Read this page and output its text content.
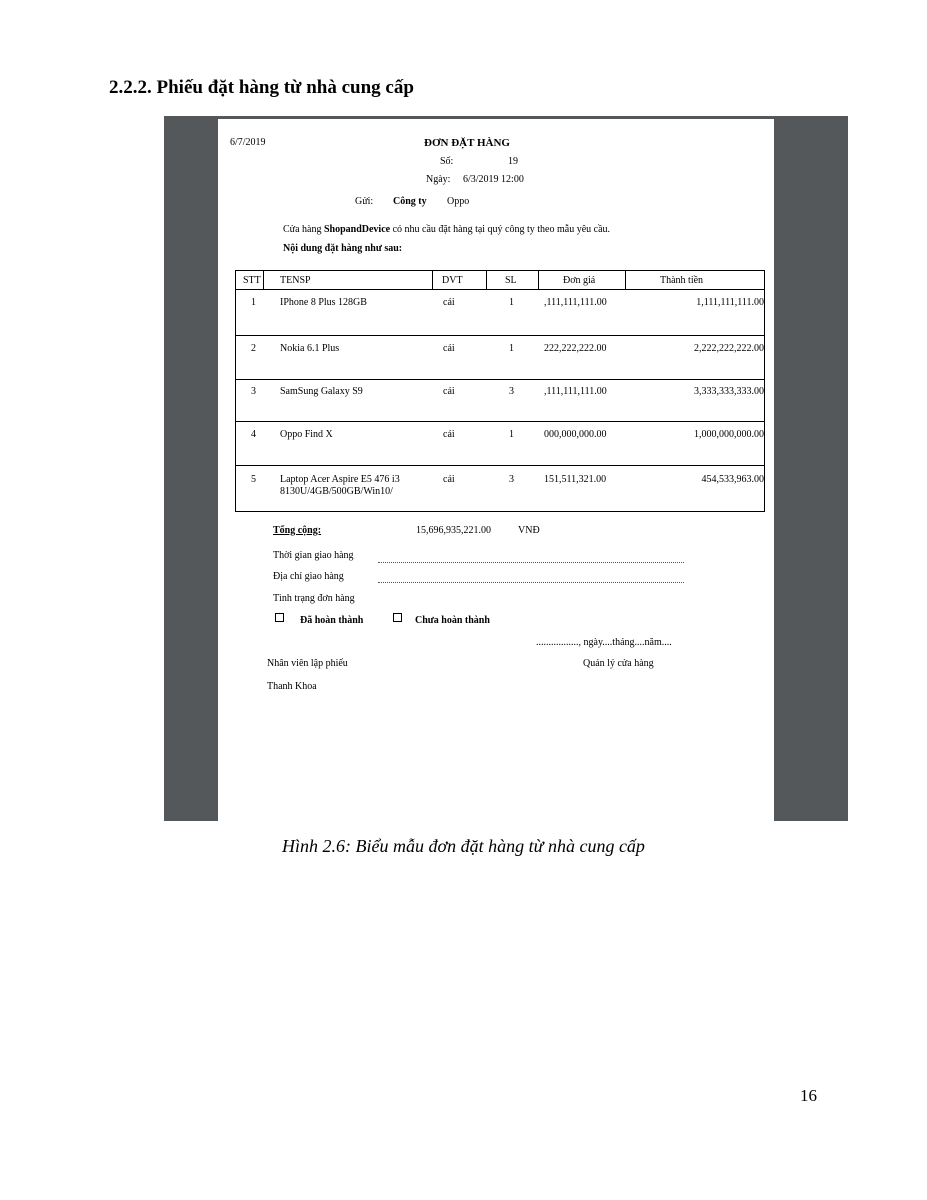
2.2.2. Phiếu đặt hàng từ nhà cung cấp
6/7/2019	ĐƠN ĐẶT HÀNG
Số:	19
Ngày: 6/3/2019 12:00
Gửi: Công ty Oppo
Cửa hàng ShopandDevice có nhu cầu đặt hàng tại quý công ty theo mẫu yêu cầu.
Nội dung đặt hàng như sau:
STT TENSP	DVT	SL	Đơn giá	Thành tiền
1 IPhone 8 Plus 128GB	cái	1	,111,111,111.00	1,111,111,111.00
2 Nokia 6.1 Plus	cái	1	222,222,222.00	2,222,222,222.00
3 SamSung Galaxy S9	cái	3	,111,111,111.00	3,333,333,333.00
4 Oppo Find X	cái	1	000,000,000.00	1,000,000,000.00
5 Laptop Acer Aspire E5 476 i3
8130U/4GB/500GB/Win10/
cái	3	151,511,321.00	454,533,963.00
Tổng cộng:	15,696,935,221.00	VNĐ
Thời gian giao hàng
Địa chỉ giao hàng
Tình trạng đơn hàng
Đã hoàn thành	Chưa hoàn thành
................., ngày....tháng....năm....
Nhân viên lập phiếu	Quản lý cửa hàng
Thanh Khoa
Hình 2.6: Biểu mẫu đơn đặt hàng từ nhà cung cấp
16
